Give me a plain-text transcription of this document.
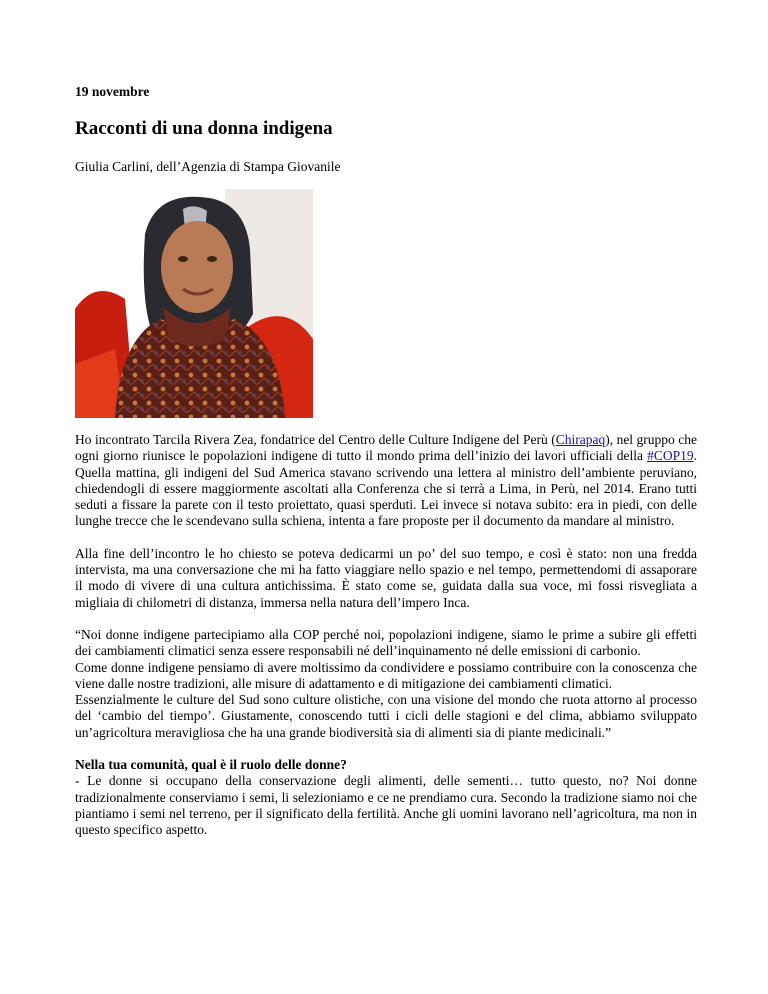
19 novembre
Racconti di una donna indigena
Giulia Carlini, dell’Agenzia di Stampa Giovanile

Ho incontrato Tarcila Rivera Zea, fondatrice del Centro delle Culture Indigene del Perù (Chirapaq), nel gruppo che ogni giorno riunisce le popolazioni indigene di tutto il mondo prima dell’inizio dei lavori ufficiali della #COP19. Quella mattina, gli indigeni del Sud America stavano scrivendo una lettera al ministro dell’ambiente peruviano, chiedendogli di essere maggiormente ascoltati alla Conferenza che si terrà a Lima, in Perù, nel 2014. Erano tutti seduti a fissare la parete con il testo proiettato, quasi sperduti. Lei invece si notava subito: era in piedi, con delle lunghe trecce che le scendevano sulla schiena, intenta a fare proposte per il documento da mandare al ministro.

Alla fine dell’incontro le ho chiesto se poteva dedicarmi un po’ del suo tempo, e così è stato: non una fredda intervista, ma una conversazione che mi ha fatto viaggiare nello spazio e nel tempo, permettendomi di assaporare il modo di vivere di una cultura antichissima. È stato come se, guidata dalla sua voce, mi fossi risvegliata a migliaia di chilometri di distanza, immersa nella natura dell’impero Inca.

“Noi donne indigene partecipiamo alla COP perché noi, popolazioni indigene, siamo le prime a subire gli effetti dei cambiamenti climatici senza essere responsabili né dell’inquinamento né delle emissioni di carbonio.

Come donne indigene pensiamo di avere moltissimo da condividere e possiamo contribuire con la conoscenza che viene dalle nostre tradizioni, alle misure di adattamento e di mitigazione dei cambiamenti climatici.

Essenzialmente le culture del Sud sono culture olistiche, con una visione del mondo che ruota attorno al processo del ‘cambio del tiempo’. Giustamente, conoscendo tutti i cicli delle stagioni e del clima, abbiamo sviluppato un’agricoltura meravigliosa che ha una grande biodiversità sia di alimenti sia di piante medicinali.”

Nella tua comunità, qual è il ruolo delle donne?

- Le donne si occupano della conservazione degli alimenti, delle sementi… tutto questo, no? Noi donne tradizionalmente conserviamo i semi, li selezioniamo e ce ne prendiamo cura. Secondo la tradizione siamo noi che piantiamo i semi nel terreno, per il significato della fertilità. Anche gli uomini lavorano nell’agricoltura, ma non in questo specifico aspetto.
